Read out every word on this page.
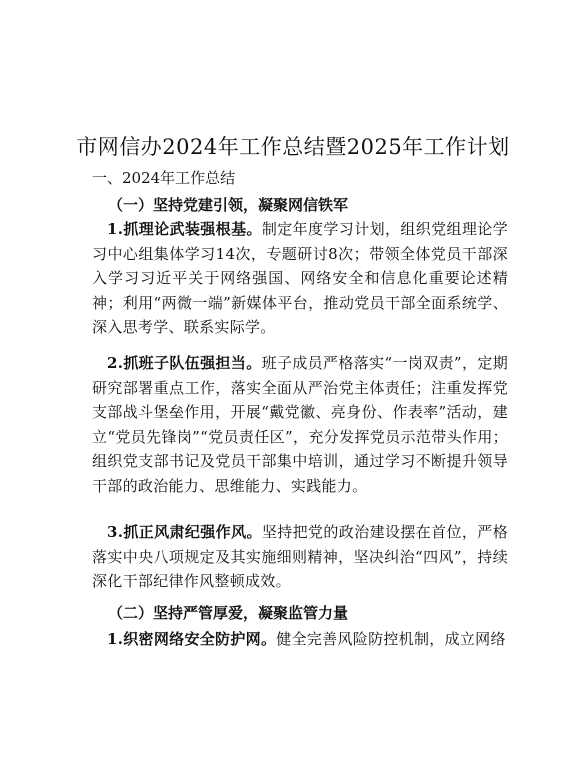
市网信办2024年工作总结暨2025年工作计划
一、2024年工作总结
（一）坚持党建引领，凝聚网信铁军
1.抓理论武装强根基。制定年度学习计划，组织党组理论学习中心组集体学习14次，专题研讨8次；带领全体党员干部深入学习习近平关于网络强国、网络安全和信息化重要论述精神；利用“两微一端”新媒体平台，推动党员干部全面系统学、深入思考学、联系实际学。
2.抓班子队伍强担当。班子成员严格落实“一岗双责”，定期研究部署重点工作，落实全面从严治党主体责任；注重发挥党支部战斗堡垒作用，开展“戴党徽、亮身份、作表率”活动，建立“党员先锋岗”“党员责任区”，充分发挥党员示范带头作用；组织党支部书记及党员干部集中培训，通过学习不断提升领导干部的政治能力、思维能力、实践能力。
3.抓正风肃纪强作风。坚持把党的政治建设摆在首位，严格落实中央八项规定及其实施细则精神，坚决纠治“四风”，持续深化干部纪律作风整顿成效。
（二）坚持严管厚爱，凝聚监管力量
1.织密网络安全防护网。健全完善风险防控机制，成立网络
